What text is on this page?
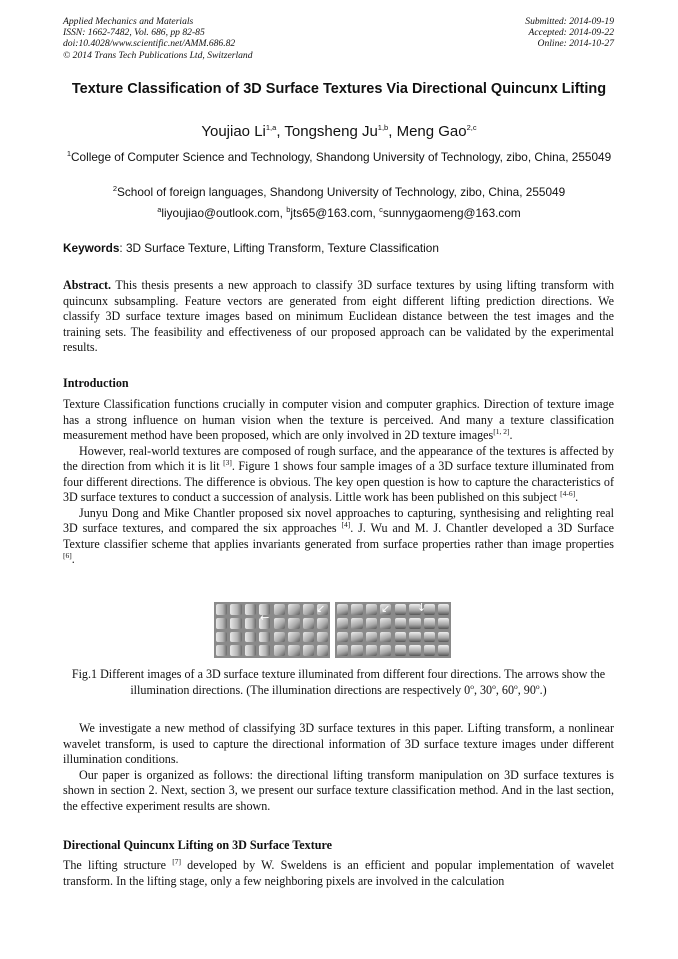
Applied Mechanics and Materials
ISSN: 1662-7482, Vol. 686, pp 82-85
doi:10.4028/www.scientific.net/AMM.686.82
© 2014 Trans Tech Publications Ltd, Switzerland
Submitted: 2014-09-19
Accepted: 2014-09-22
Online: 2014-10-27
Texture Classification of 3D Surface Textures Via Directional Quincunx Lifting
Youjiao Li$^{1,a}$, Tongsheng Ju$^{1,b}$, Meng Gao$^{2,c}$
$^1$College of Computer Science and Technology, Shandong University of Technology, zibo, China, 255049
$^2$School of foreign languages, Shandong University of Technology, zibo, China, 255049
$^a$liyoujiao@outlook.com, $^b$jts65@163.com, $^c$sunnygaomeng@163.com
Keywords: 3D Surface Texture, Lifting Transform, Texture Classification
Abstract. This thesis presents a new approach to classify 3D surface textures by using lifting transform with quincunx subsampling. Feature vectors are generated from eight different lifting prediction directions. We classify 3D surface texture images based on minimum Euclidean distance between the test images and the training sets. The feasibility and effectiveness of our proposed approach can be validated by the experimental results.
Introduction

Texture Classification functions crucially in computer vision and computer graphics. Direction of texture image has a strong influence on human vision when the texture is perceived. And many a texture classification measurement method have been proposed, which are only involved in 2D texture images[1, 2].

However, real-world textures are composed of rough surface, and the appearance of the textures is affected by the direction from which it is lit [3]. Figure 1 shows four sample images of a 3D surface texture illuminated from four different directions. The difference is obvious. The key open question is how to capture the characteristics of 3D surface textures to conduct a succession of analysis. Little work has been published on this subject [4-6].

Junyu Dong and Mike Chantler proposed six novel approaches to capturing, synthesising and relighting real 3D surface textures, and compared the six approaches [4]. J. Wu and M. J. Chantler developed a 3D Surface Texture classifier scheme that applies invariants generated from surface properties rather than image properties [6].

←
↙	↙ ↓
Fig.1 Different images of a 3D surface texture illuminated from different four directions. The arrows show the illumination directions. (The illumination directions are respectively 0$^o$, 30$^o$, 60$^o$, 90$^o$.)

We investigate a new method of classifying 3D surface textures in this paper. Lifting transform, a nonlinear wavelet transform, is used to capture the directional information of 3D surface texture images under different illumination conditions.

Our paper is organized as follows: the directional lifting transform manipulation on 3D surface textures is shown in section 2. Next, section 3, we present our surface texture classification method. And in the last section, the effective experiment results are shown.

Directional Quincunx Lifting on 3D Surface Texture
The lifting structure [7] developed by W. Sweldens is an efficient and popular implementation of wavelet transform. In the lifting stage, only a few neighboring pixels are involved in the calculation
